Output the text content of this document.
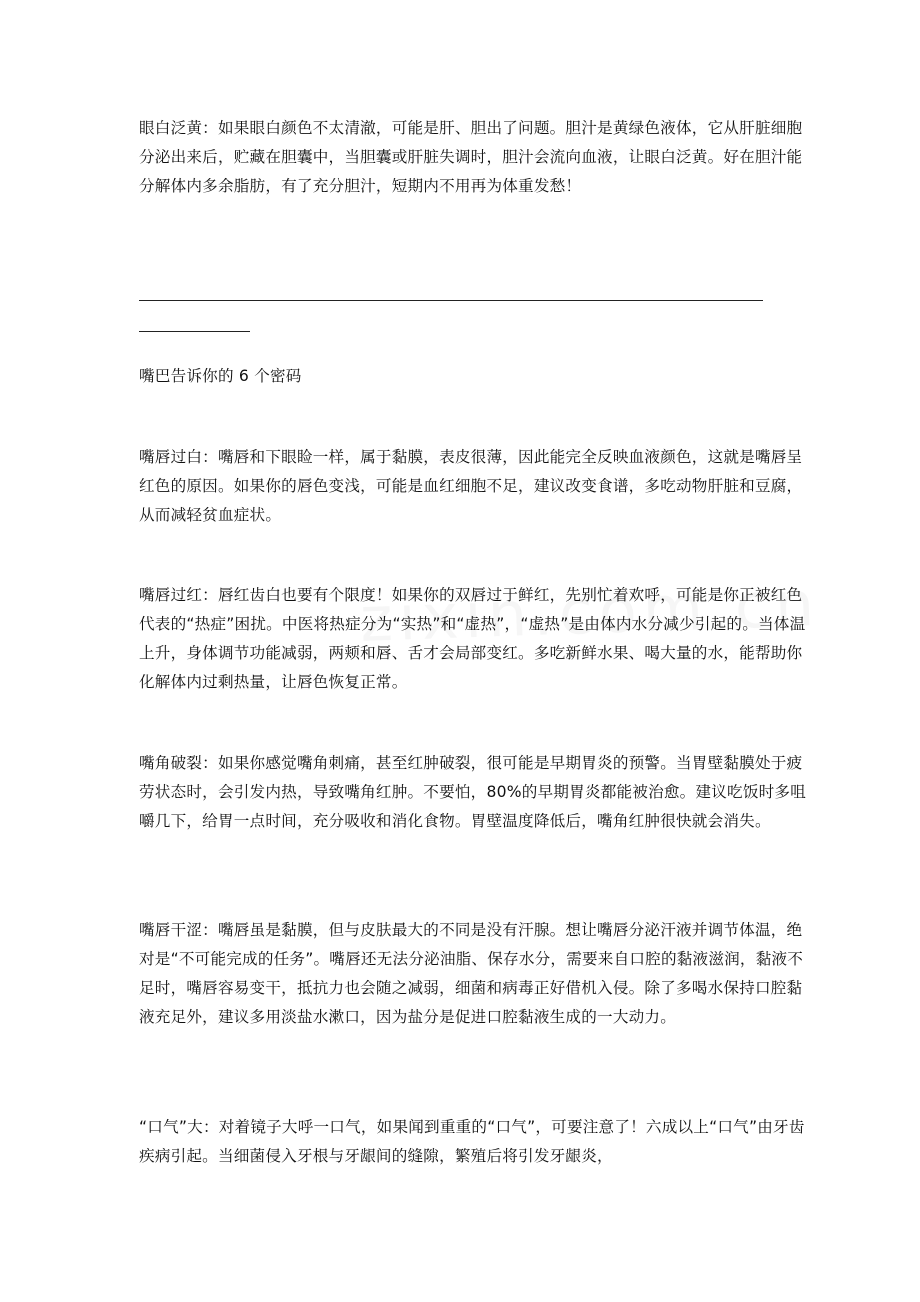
眼白泛黄：如果眼白颜色不太清澈，可能是肝、胆出了问题。胆汁是黄绿色液体，它从肝脏细胞分泌出来后，贮藏在胆囊中，当胆囊或肝脏失调时，胆汁会流向血液，让眼白泛黄。好在胆汁能分解体内多余脂肪，有了充分胆汁，短期内不用再为体重发愁！

嘴巴告诉你的 6 个密码

嘴唇过白：嘴唇和下眼睑一样，属于黏膜，表皮很薄，因此能完全反映血液颜色，这就是嘴唇呈红色的原因。如果你的唇色变浅，可能是血红细胞不足，建议改变食谱，多吃动物肝脏和豆腐，从而减轻贫血症状。

嘴唇过红：唇红齿白也要有个限度！如果你的双唇过于鲜红，先别忙着欢呼，可能是你正被红色代表的“热症”困扰。中医将热症分为“实热”和“虚热”，“虚热”是由体内水分减少引起的。当体温上升，身体调节功能减弱，两颊和唇、舌才会局部变红。多吃新鲜水果、喝大量的水，能帮助你化解体内过剩热量，让唇色恢复正常。

嘴角破裂：如果你感觉嘴角刺痛，甚至红肿破裂，很可能是早期胃炎的预警。当胃壁黏膜处于疲劳状态时，会引发内热，导致嘴角红肿。不要怕，80%的早期胃炎都能被治愈。建议吃饭时多咀嚼几下，给胃一点时间，充分吸收和消化食物。胃壁温度降低后，嘴角红肿很快就会消失。

嘴唇干涩：嘴唇虽是黏膜，但与皮肤最大的不同是没有汗腺。想让嘴唇分泌汗液并调节体温，绝对是“不可能完成的任务”。嘴唇还无法分泌油脂、保存水分，需要来自口腔的黏液滋润，黏液不足时，嘴唇容易变干，抵抗力也会随之减弱，细菌和病毒正好借机入侵。除了多喝水保持口腔黏液充足外，建议多用淡盐水漱口，因为盐分是促进口腔黏液生成的一大动力。

“口气”大：对着镜子大呼一口气，如果闻到重重的“口气”，可要注意了！六成以上“口气”由牙齿疾病引起。当细菌侵入牙根与牙龈间的缝隙，繁殖后将引发牙龈炎，
